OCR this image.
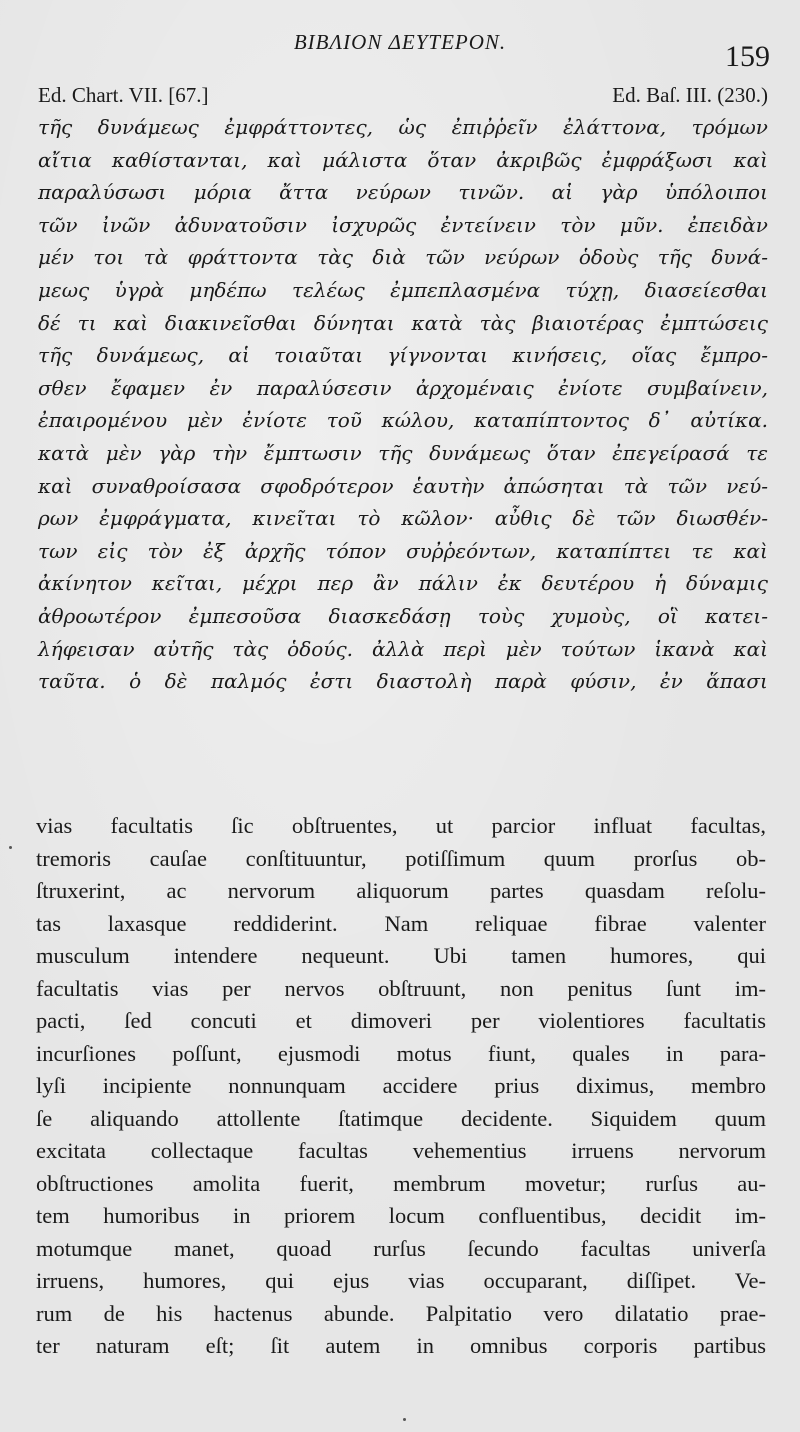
BIBΛION ΔEYTEPON.	159
Ed. Chart. VII. [67.]	Ed. Baſ. III. (230.)
τῆς δυνάμεως ἐμφράττοντες, ὡς ἐπιῤῥεῖν ἐλάττονα, τρόμων
αἴτια καθίστανται, καὶ μάλιστα ὅταν ἀκριβῶς ἐμφράξωσι καὶ
παραλύσωσι μόρια ἄττα νεύρων τινῶν. αἱ γὰρ ὑπόλοιποι
τῶν ἰνῶν ἀδυνατοῦσιν ἰσχυρῶς ἐντείνειν τὸν μῦν. ἐπειδὰν
μέν τοι τὰ φράττοντα τὰς διὰ τῶν νεύρων ὁδοὺς τῆς δυνά-
μεως ὑγρὰ μηδέπω τελέως ἐμπεπλασμένα τύχῃ, διασείεσθαι
δέ τι καὶ διακινεῖσθαι δύνηται κατὰ τὰς βιαιοτέρας ἐμπτώσεις
τῆς δυνάμεως, αἱ τοιαῦται γίγνονται κινήσεις, οἵας ἔμπρο-
σθεν ἔφαμεν ἐν παραλύσεσιν ἀρχομέναις ἐνίοτε συμβαίνειν,
ἐπαιρομένου μὲν ἐνίοτε τοῦ κώλου, καταπίπτοντος δ᾽ αὐτίκα.
κατὰ μὲν γὰρ τὴν ἔμπτωσιν τῆς δυνάμεως ὅταν ἐπεγείρασά τε
καὶ συναθροίσασα σφοδρότερον ἑαυτὴν ἀπώσηται τὰ τῶν νεύ-
ρων ἐμφράγματα, κινεῖται τὸ κῶλον· αὖθις δὲ τῶν διωσθέν-
των εἰς τὸν ἐξ ἀρχῆς τόπον συῤῥεόντων, καταπίπτει τε καὶ
ἀκίνητον κεῖται, μέχρι περ ἂν πάλιν ἐκ δευτέρου ἡ δύναμις
ἀθροωτέρον ἐμπεσοῦσα διασκεδάσῃ τοὺς χυμοὺς, οἳ κατει-
λήφεισαν αὐτῆς τὰς ὁδούς. ἀλλὰ περὶ μὲν τούτων ἱκανὰ καὶ
ταῦτα. ὁ δὲ παλμός ἐστι διαστολὴ παρὰ φύσιν, ἐν ἅπασι
vias facultatis ſic obſtruentes, ut parcior influat facultas,
tremoris cauſae conſtituuntur, potiſſimum quum prorſus ob-
ſtruxerint, ac nervorum aliquorum partes quasdam reſolu-
tas laxasque reddiderint. Nam reliquae fibrae valenter
musculum intendere nequeunt. Ubi tamen humores, qui
facultatis vias per nervos obſtruunt, non penitus ſunt im-
pacti, ſed concuti et dimoveri per violentiores facultatis
incurſiones poſſunt, ejusmodi motus fiunt, quales in para-
lyſi incipiente nonnunquam accidere prius diximus, membro
ſe aliquando attollente ſtatimque decidente. Siquidem quum
excitata collectaque facultas vehementius irruens nervorum
obſtructiones amolita fuerit, membrum movetur; rurſus au-
tem humoribus in priorem locum confluentibus, decidit im-
motumque manet, quoad rurſus ſecundo facultas univerſa
irruens, humores, qui ejus vias occuparant, diſſipet. Ve-
rum de his hactenus abunde. Palpitatio vero dilatatio prae-
ter naturam eſt; ſit autem in omnibus corporis partibus
